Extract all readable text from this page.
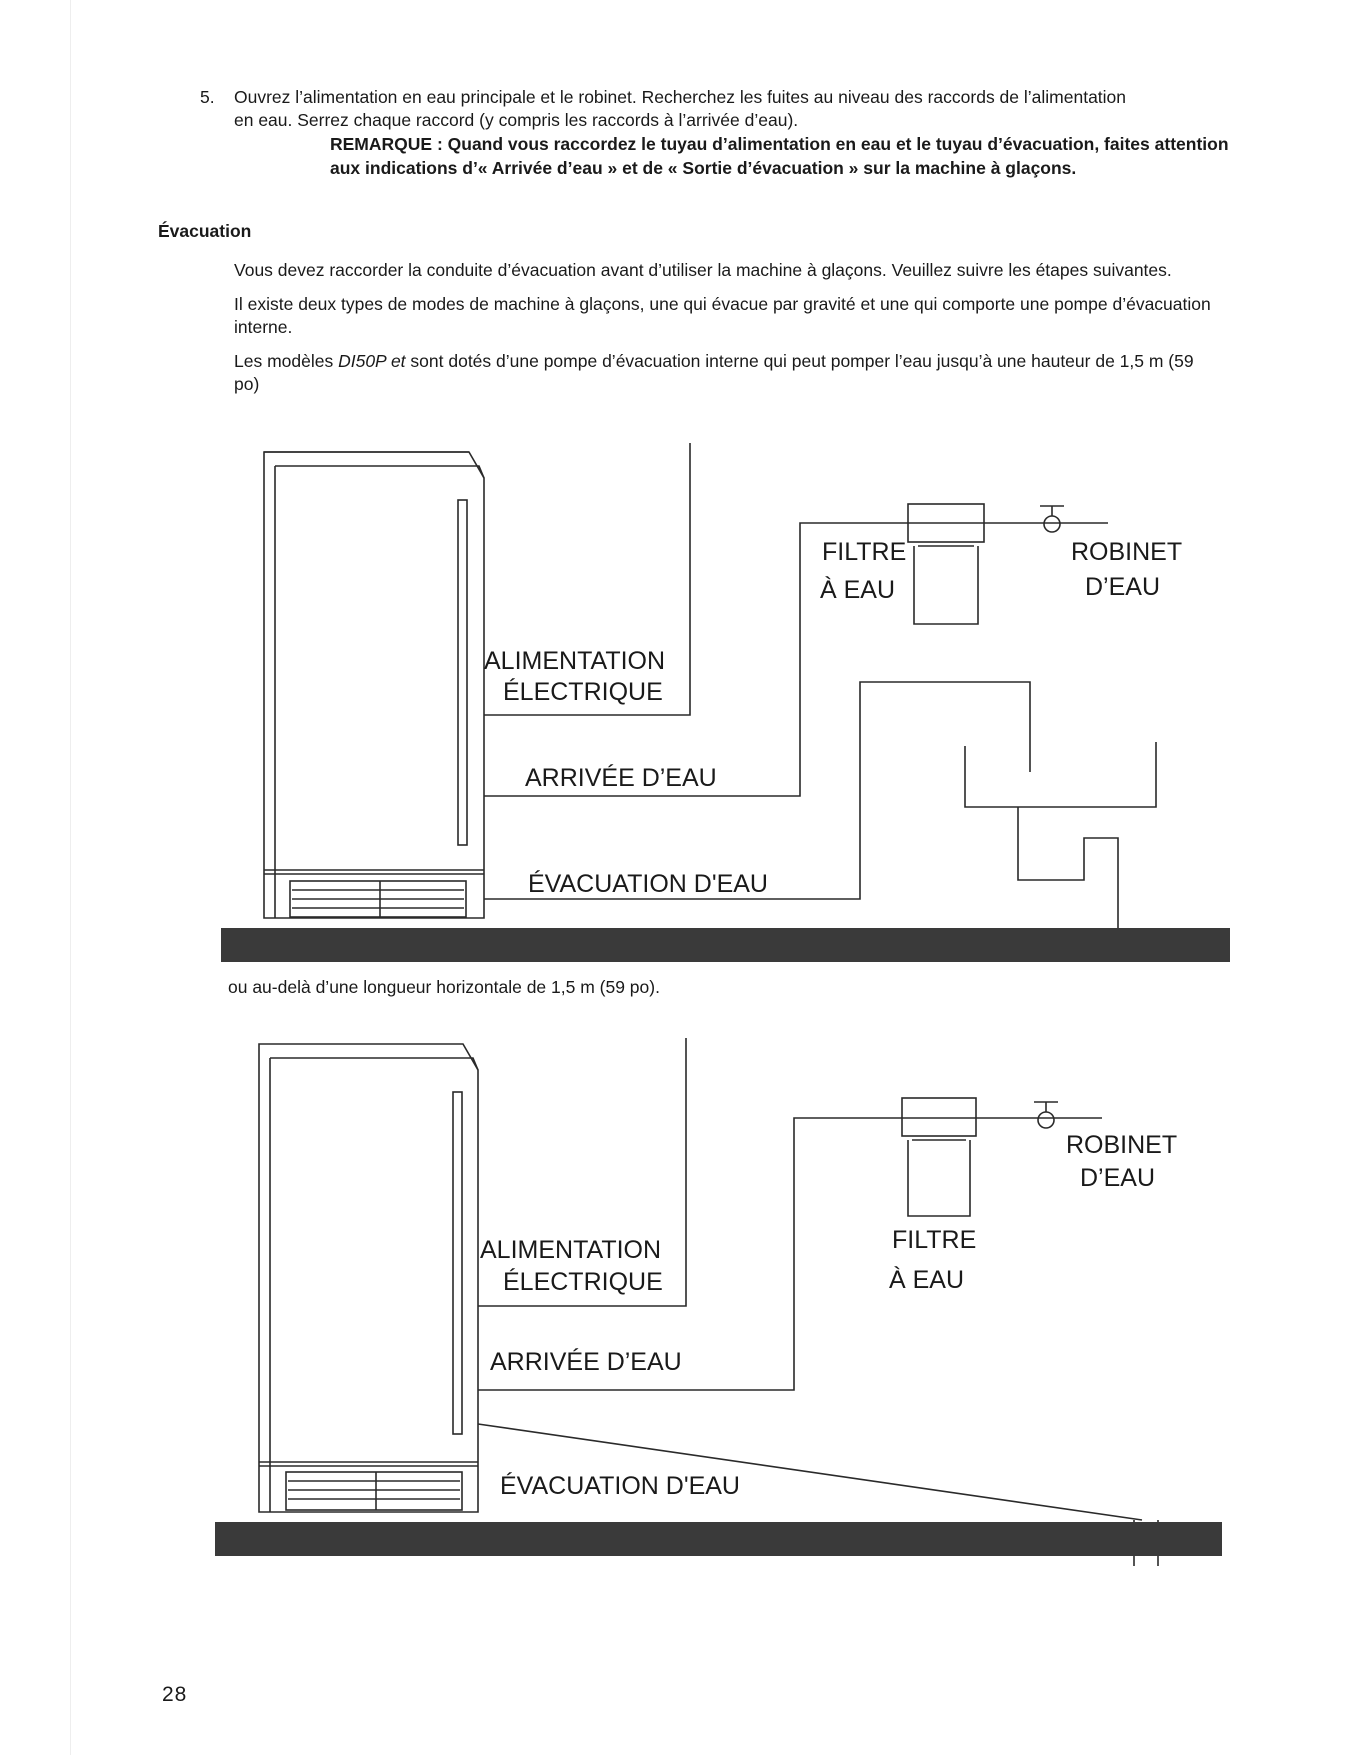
5. Ouvrez l’alimentation en eau principale et le robinet. Recherchez les fuites au niveau des raccords de l’alimentation
en eau. Serrez chaque raccord (y compris les raccords à l’arrivée d’eau).
REMARQUE : Quand vous raccordez le tuyau d’alimentation en eau et le tuyau d’évacuation, faites attention
aux indications d’« Arrivée d’eau » et de « Sortie d’évacuation » sur la machine à glaçons.
Évacuation
Vous devez raccorder la conduite d’évacuation avant d’utiliser la machine à glaçons. Veuillez suivre les étapes suivantes.
Il existe deux types de modes de machine à glaçons, une qui évacue par gravité et une qui comporte une pompe d’évacuation
interne.
Les modèles DI50P et sont dotés d’une pompe d’évacuation interne qui peut pomper l’eau jusqu’à une hauteur de 1,5 m (59
po)
FILTRE
À EAU
ROBINET
D’EAU
ALIMENTATION
ÉLECTRIQUE
ARRIVÉE D’EAU
ÉVACUATION D'EAU
ou au-delà d’une longueur horizontale de 1,5 m (59 po).
ROBINET
D’EAU
FILTRE
À EAU
ALIMENTATION
ÉLECTRIQUE
ARRIVÉE D’EAU
ÉVACUATION D'EAU
28
